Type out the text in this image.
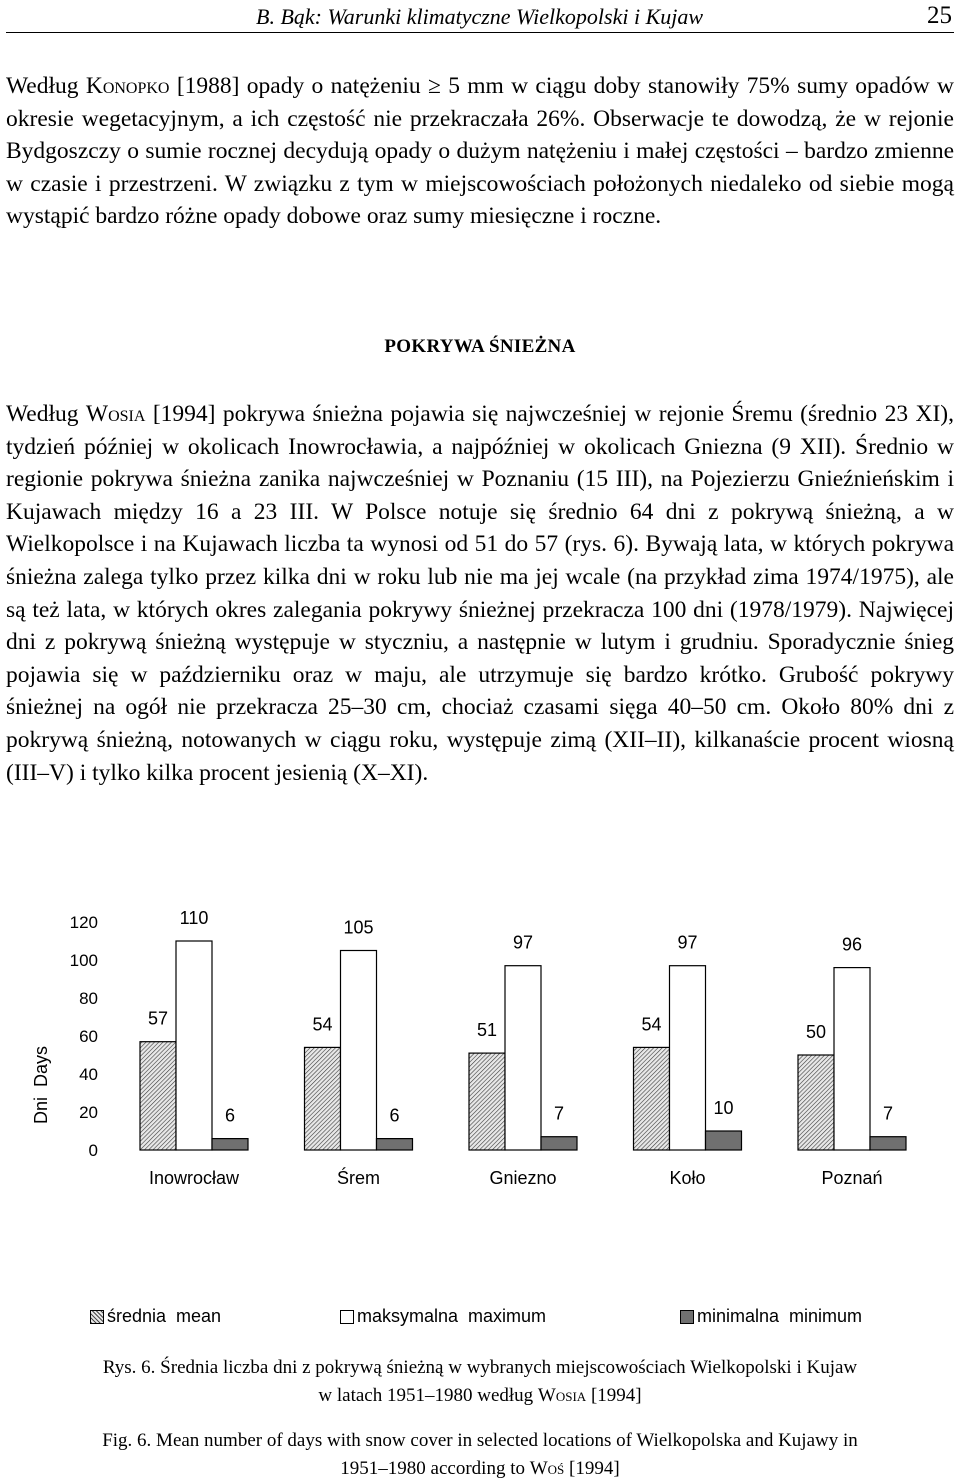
B. Bąk: Warunki klimatyczne Wielkopolski i Kujaw	25
Według Konopko [1988] opady o natężeniu ≥ 5 mm w ciągu doby stanowiły 75% sumy opadów w okresie wegetacyjnym, a ich częstość nie przekraczała 26%. Obserwacje te dowodzą, że w rejonie Bydgoszczy o sumie rocznej decydują opady o dużym natężeniu i małej częstości – bardzo zmienne w czasie i przestrzeni. W związku z tym w miejscowościach położonych niedaleko od siebie mogą wystąpić bardzo różne opady dobowe oraz sumy miesięczne i roczne.
POKRYWA ŚNIEŻNA
Według Wosia [1994] pokrywa śnieżna pojawia się najwcześniej w rejonie Śremu (średnio 23 XI), tydzień później w okolicach Inowrocławia, a najpóźniej w okolicach Gniezna (9 XII). Średnio w regionie pokrywa śnieżna zanika najwcześniej w Poznaniu (15 III), na Pojezierzu Gnieźnieńskim i Kujawach między 16 a 23 III. W Polsce notuje się średnio 64 dni z pokrywą śnieżną, a w Wielkopolsce i na Kujawach liczba ta wynosi od 51 do 57 (rys. 6). Bywają lata, w których pokrywa śnieżna zalega tylko przez kilka dni w roku lub nie ma jej wcale (na przykład zima 1974/1975), ale są też lata, w których okres zalegania pokrywy śnieżnej przekracza 100 dni (1978/1979). Najwięcej dni z pokrywą śnieżną występuje w styczniu, a następnie w lutym i grudniu. Sporadycznie śnieg pojawia się w październiku oraz w maju, ale utrzymuje się bardzo krótko. Grubość pokrywy śnieżnej na ogół nie przekracza 25–30 cm, chociaż czasami sięga 40–50 cm. Około 80% dni z pokrywą śnieżną, notowanych w ciągu roku, występuje zimą (XII–II), kilkanaście procent wiosną (III–V) i tylko kilka procent jesienią (X–XI).
Dni  Days
0
20
40
60
80
100
120
57
110
6
Inowrocław
54
105
6
Śrem
51
97
7
Gniezno
54
97
10
Koło
50
96
7
Poznań
średnia  mean	maksymalna  maximum	minimalna  minimum
Rys. 6. Średnia liczba dni z pokrywą śnieżną w wybranych miejscowościach Wielkopolski i Kujaw
w latach 1951–1980 według Wosia [1994]
Fig. 6. Mean number of days with snow cover in selected locations of Wielkopolska and Kujawy in
1951–1980 according to Woś [1994]
